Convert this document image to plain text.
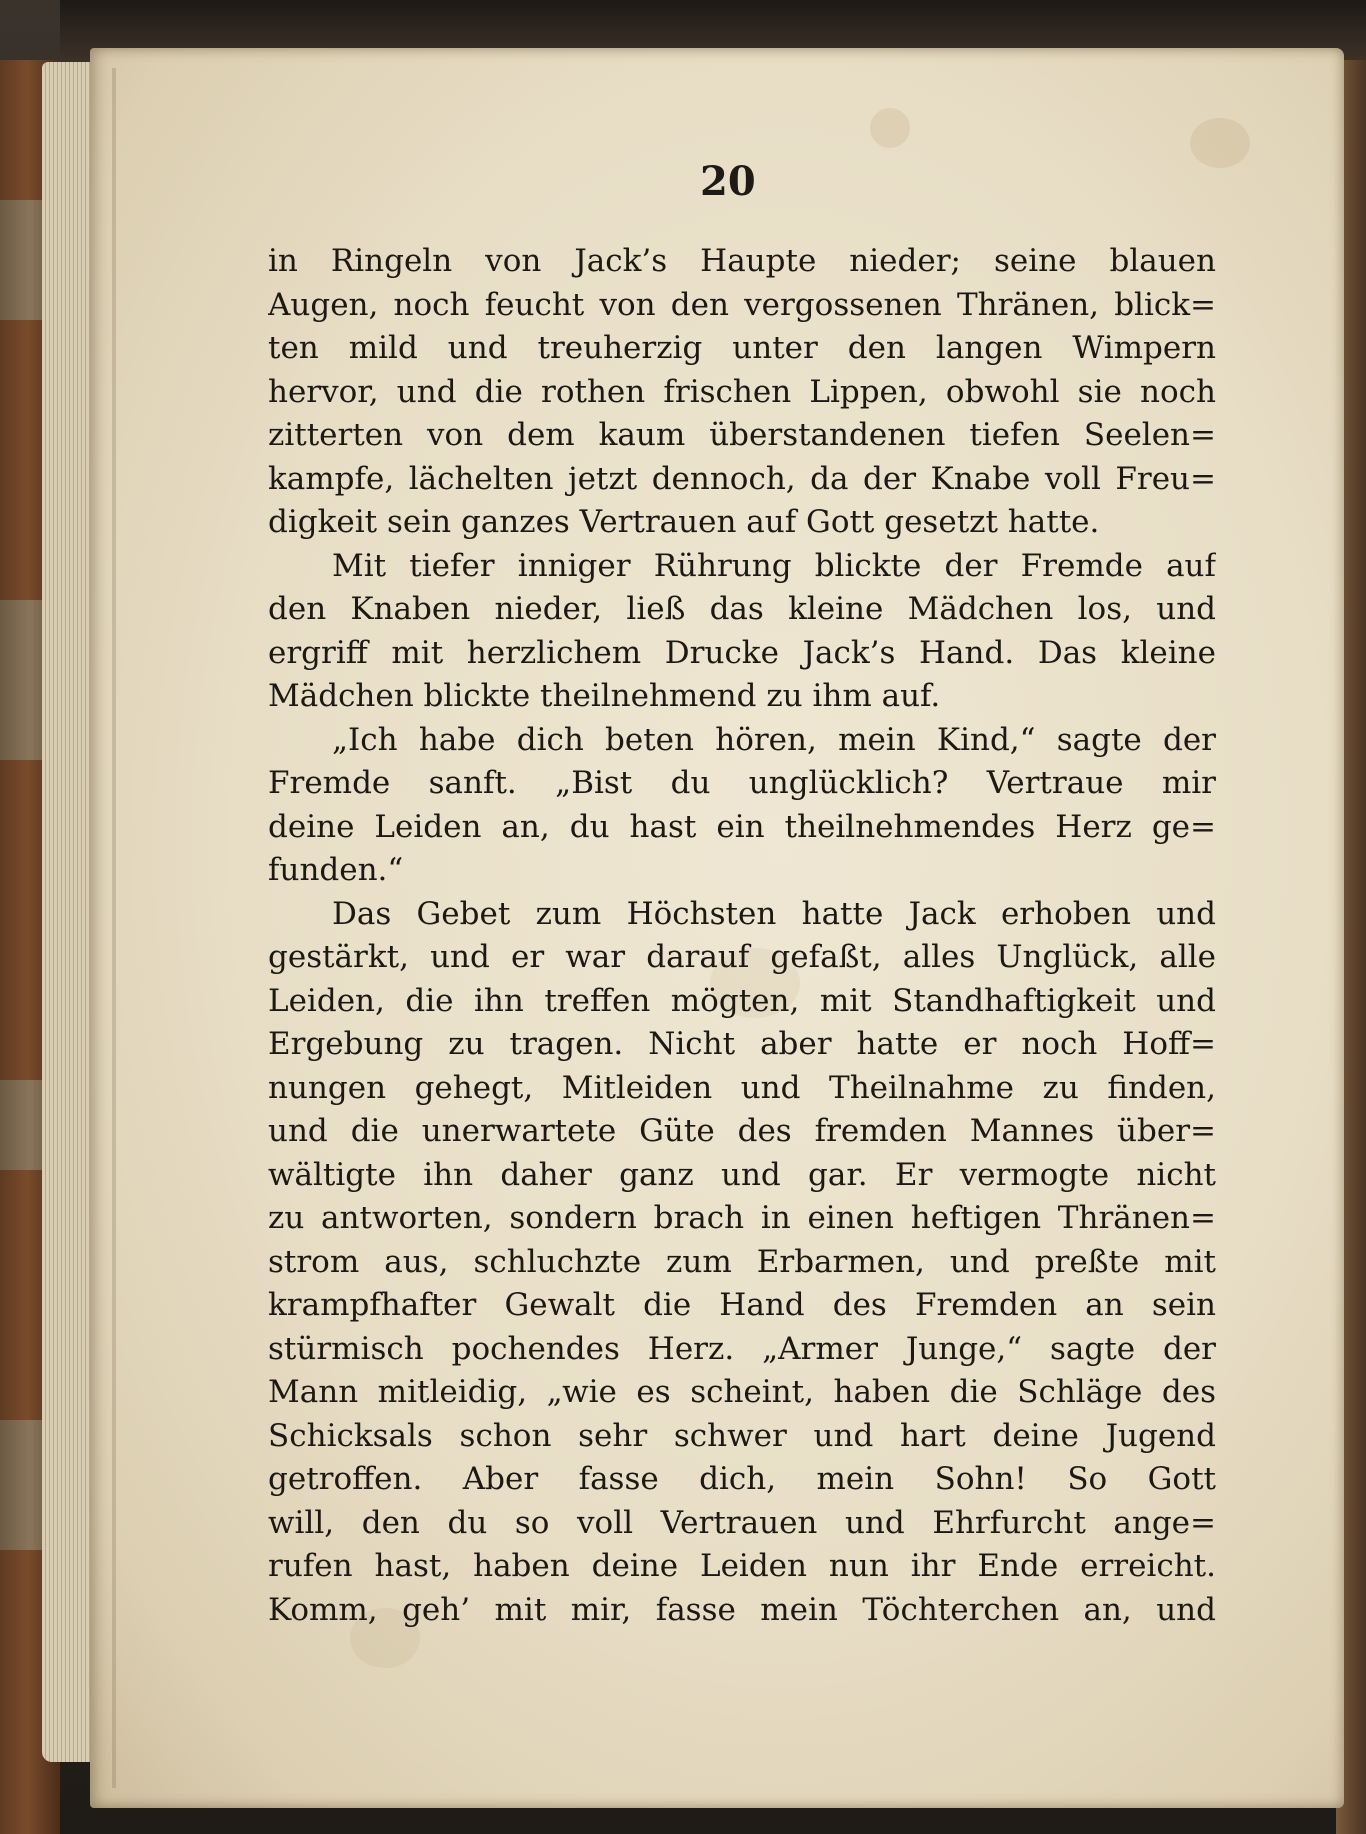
20
in Ringeln von Jack’s Haupte nieder; seine blauen
Augen, noch feucht von den vergossenen Thränen, blick=
ten mild und treuherzig unter den langen Wimpern
hervor, und die rothen frischen Lippen, obwohl sie noch
zitterten von dem kaum überstandenen tiefen Seelen=
kampfe, lächelten jetzt dennoch, da der Knabe voll Freu=
digkeit sein ganzes Vertrauen auf Gott gesetzt hatte.
Mit tiefer inniger Rührung blickte der Fremde auf
den Knaben nieder, ließ das kleine Mädchen los, und
ergriff mit herzlichem Drucke Jack’s Hand. Das kleine
Mädchen blickte theilnehmend zu ihm auf.
„Ich habe dich beten hören, mein Kind,“ sagte der
Fremde sanft. „Bist du unglücklich? Vertraue mir
deine Leiden an, du hast ein theilnehmendes Herz ge=
funden.“
Das Gebet zum Höchsten hatte Jack erhoben und
gestärkt, und er war darauf gefaßt, alles Unglück, alle
Leiden, die ihn treffen mögten, mit Standhaftigkeit und
Ergebung zu tragen. Nicht aber hatte er noch Hoff=
nungen gehegt, Mitleiden und Theilnahme zu finden,
und die unerwartete Güte des fremden Mannes über=
wältigte ihn daher ganz und gar. Er vermogte nicht
zu antworten, sondern brach in einen heftigen Thränen=
strom aus, schluchzte zum Erbarmen, und preßte mit
krampfhafter Gewalt die Hand des Fremden an sein
stürmisch pochendes Herz. „Armer Junge,“ sagte der
Mann mitleidig, „wie es scheint, haben die Schläge des
Schicksals schon sehr schwer und hart deine Jugend
getroffen. Aber fasse dich, mein Sohn! So Gott
will, den du so voll Vertrauen und Ehrfurcht ange=
rufen hast, haben deine Leiden nun ihr Ende erreicht.
Komm, geh’ mit mir, fasse mein Töchterchen an, und
